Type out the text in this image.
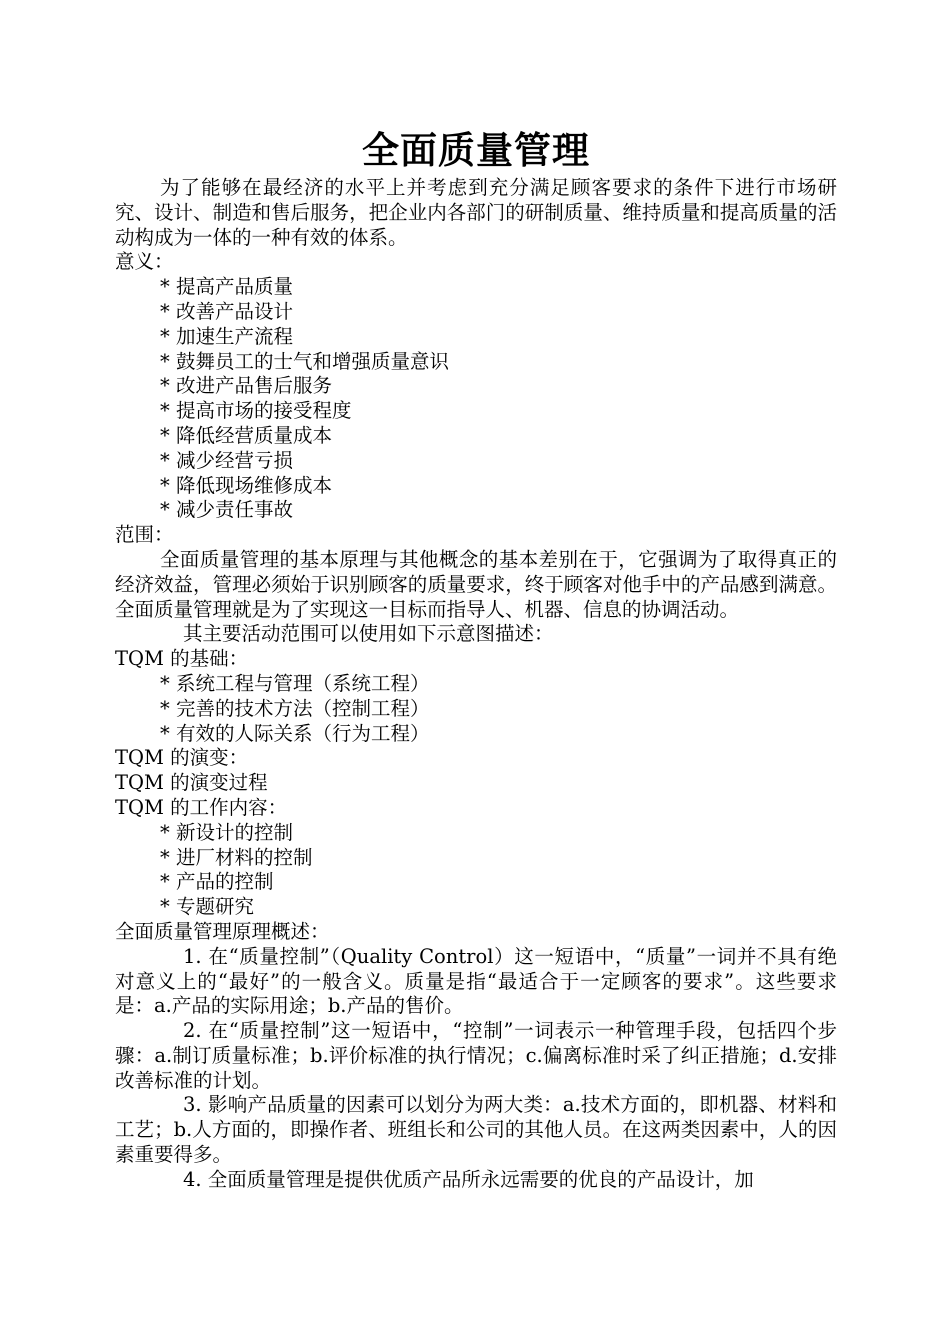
全面质量管理

为了能够在最经济的水平上并考虑到充分满足顾客要求的条件下进行市场研究、设计、制造和售后服务，把企业内各部门的研制质量、维持质量和提高质量的活动构成为一体的一种有效的体系。

意义：

* 提高产品质量

* 改善产品设计

* 加速生产流程

* 鼓舞员工的士气和增强质量意识

* 改进产品售后服务

* 提高市场的接受程度

* 降低经营质量成本

* 减少经营亏损

* 降低现场维修成本

* 减少责任事故

范围：

全面质量管理的基本原理与其他概念的基本差别在于，它强调为了取得真正的经济效益，管理必须始于识别顾客的质量要求，终于顾客对他手中的产品感到满意。全面质量管理就是为了实现这一目标而指导人、机器、信息的协调活动。

其主要活动范围可以使用如下示意图描述：

TQM 的基础：

* 系统工程与管理（系统工程）

* 完善的技术方法（控制工程）

* 有效的人际关系（行为工程）

TQM 的演变：

TQM 的演变过程

TQM 的工作内容：

* 新设计的控制

* 进厂材料的控制

* 产品的控制

* 专题研究

全面质量管理原理概述：

1. 在“质量控制”（Quality Control）这一短语中，“质量”一词并不具有绝对意义上的“最好”的一般含义。质量是指“最适合于一定顾客的要求”。这些要求是：a.产品的实际用途；b.产品的售价。

2. 在“质量控制”这一短语中，“控制”一词表示一种管理手段，包括四个步骤：a.制订质量标准；b.评价标准的执行情况；c.偏离标准时采了纠正措施；d.安排改善标准的计划。

3. 影响产品质量的因素可以划分为两大类：a.技术方面的，即机器、材料和工艺；b.人方面的，即操作者、班组长和公司的其他人员。在这两类因素中，人的因素重要得多。

4. 全面质量管理是提供优质产品所永远需要的优良的产品设计，加
